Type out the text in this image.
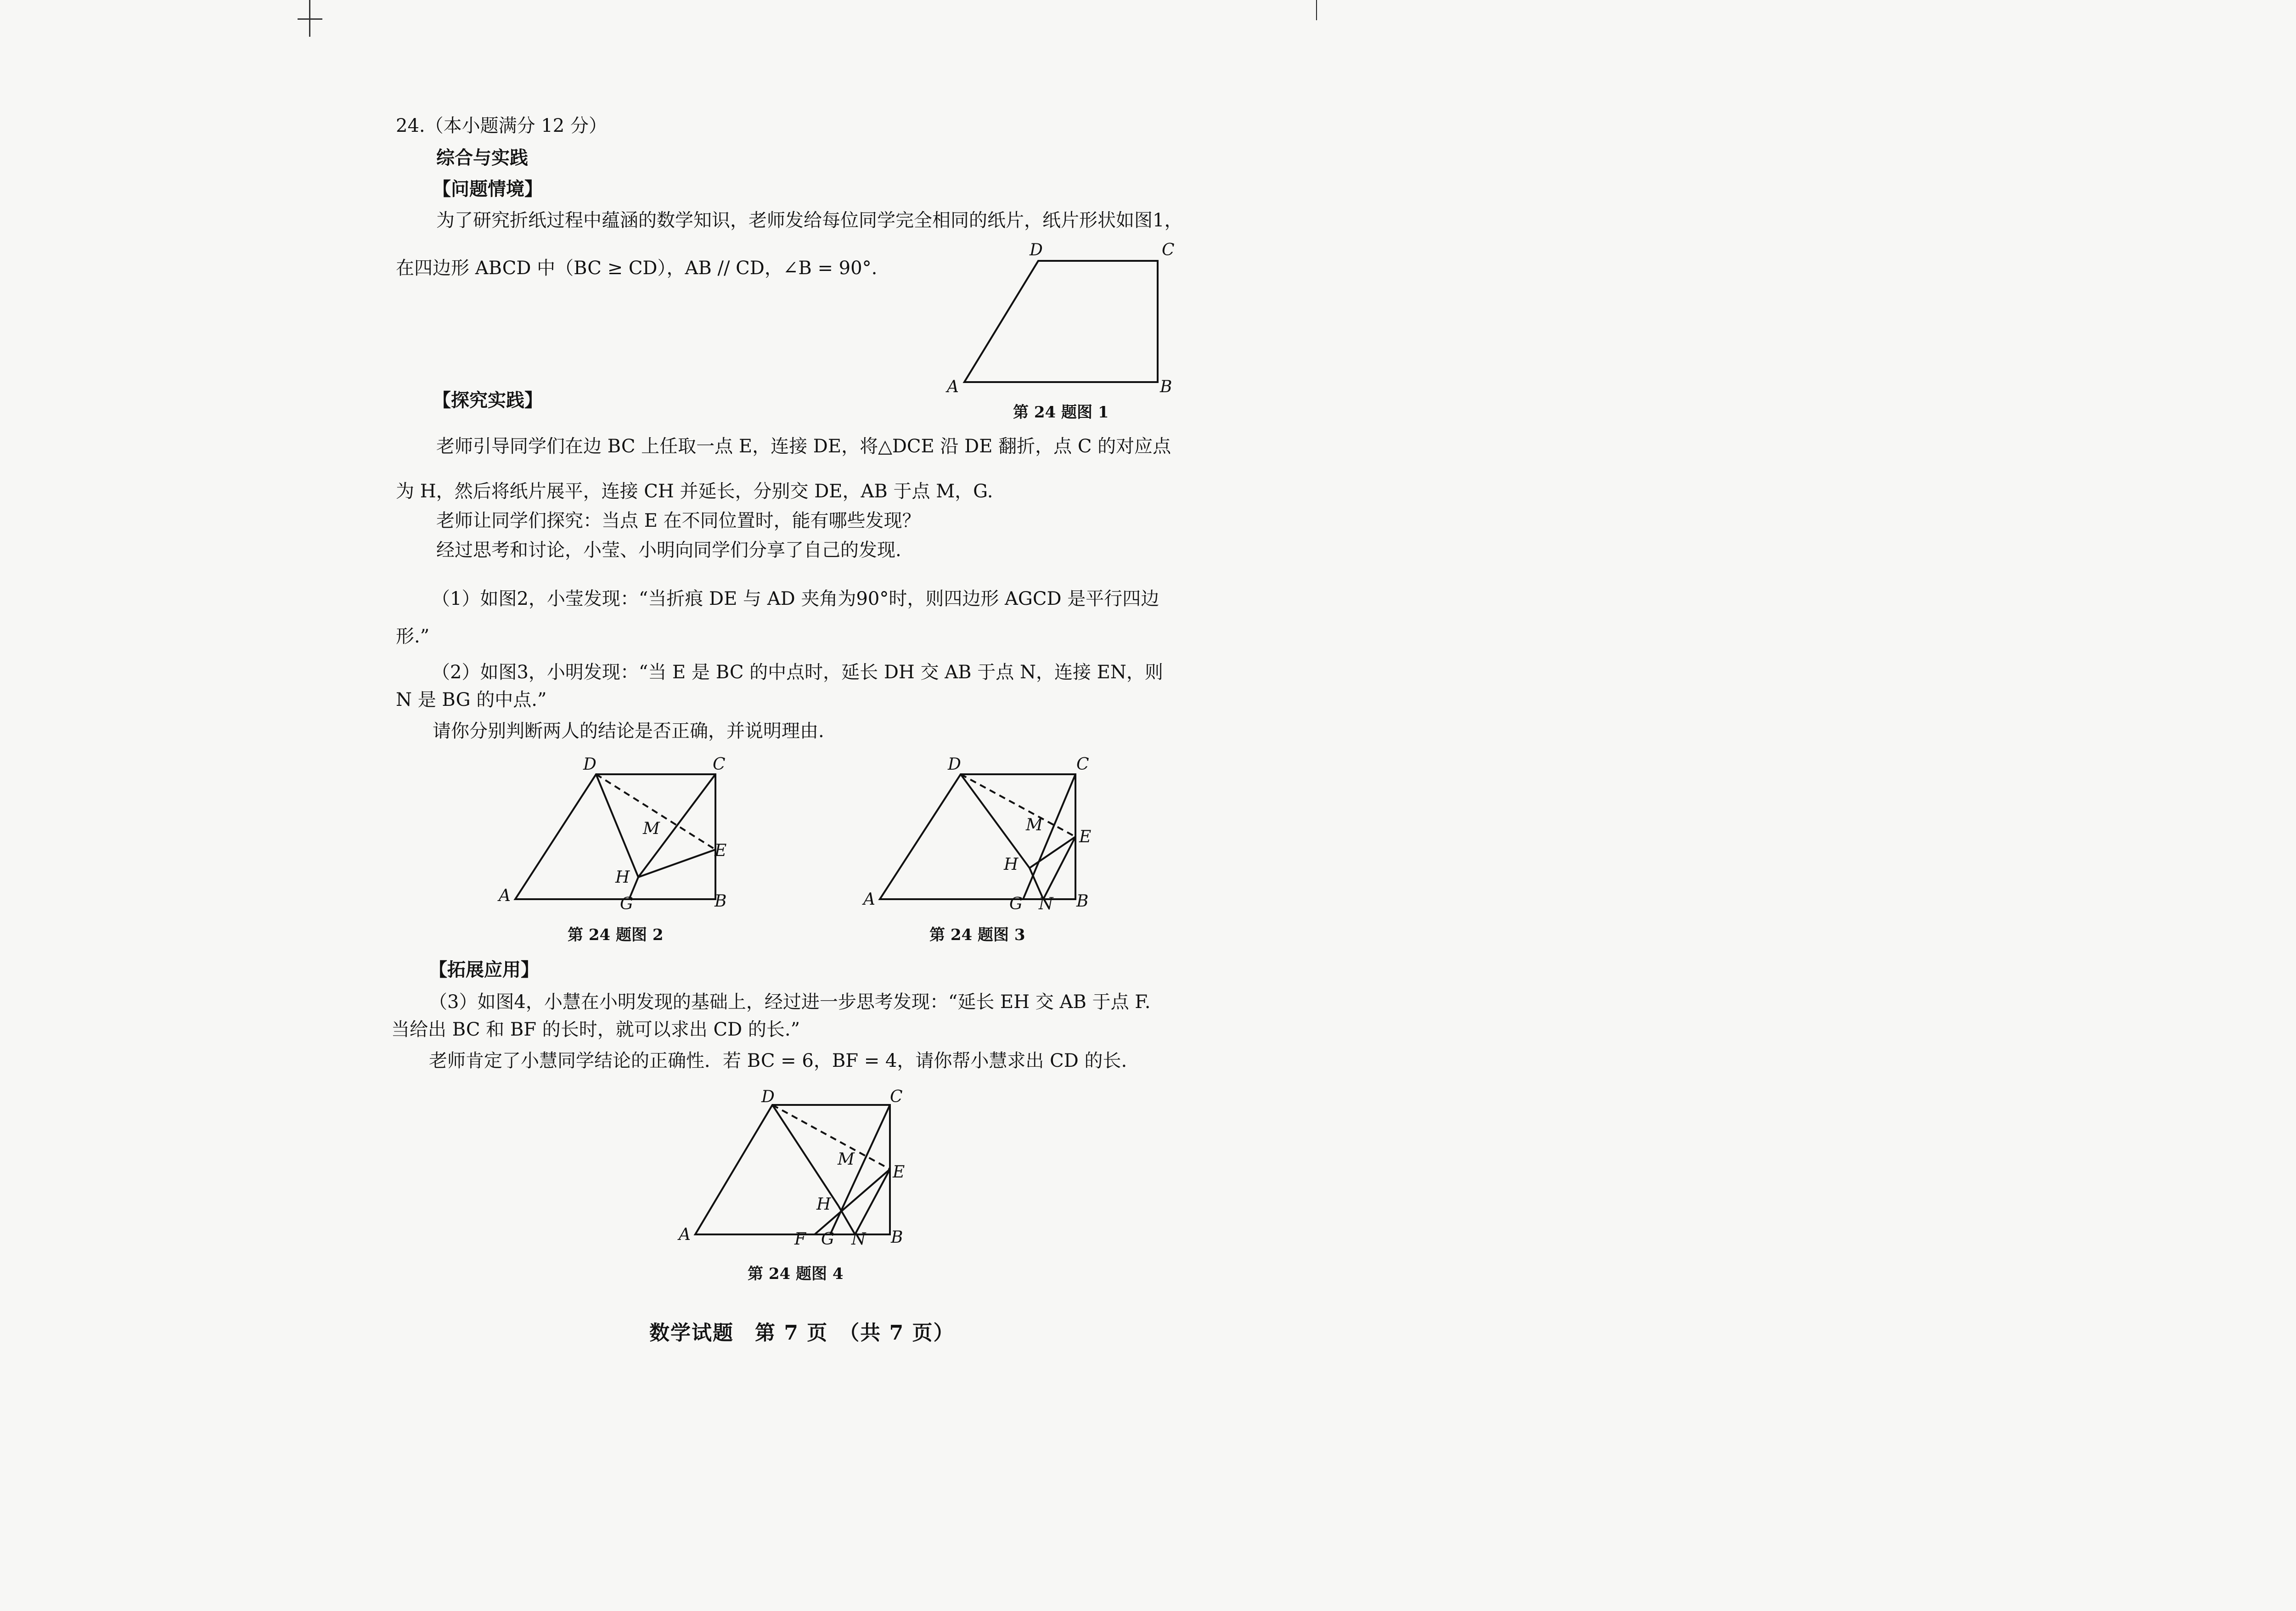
24.（本小题满分 12 分）
综合与实践
【问题情境】
为了研究折纸过程中蕴涵的数学知识，老师发给每位同学完全相同的纸片，纸片形状如图1，
在四边形 ABCD 中（BC ≥ CD），AB // CD，∠B = 90°.
D	C
A	B
第 24 题图 1
【探究实践】
老师引导同学们在边 BC 上任取一点 E，连接 DE，将△DCE 沿 DE 翻折，点 C 的对应点
为 H，然后将纸片展平，连接 CH 并延长，分别交 DE，AB 于点 M，G.
老师让同学们探究：当点 E 在不同位置时，能有哪些发现？
经过思考和讨论，小莹、小明向同学们分享了自己的发现.
（1）如图2，小莹发现：“当折痕 DE 与 AD 夹角为90°时，则四边形 AGCD 是平行四边
形.”
（2）如图3，小明发现：“当 E 是 BC 的中点时，延长 DH 交 AB 于点 N，连接 EN，则
N 是 BG 的中点.”
请你分别判断两人的结论是否正确，并说明理由.
D	C
M
E
H
A	G	B
第 24 题图 2
D	C
M
E
H
A	G N B
第 24 题图 3
【拓展应用】
（3）如图4，小慧在小明发现的基础上，经过进一步思考发现：“延长 EH 交 AB 于点 F.
当给出 BC 和 BF 的长时，就可以求出 CD 的长.”
老师肯定了小慧同学结论的正确性．若 BC = 6，BF = 4，请你帮小慧求出 CD 的长.
D	C
M
E
H
A	F G N B
第 24 题图 4
数学试题　第 7 页　（共 7 页）
